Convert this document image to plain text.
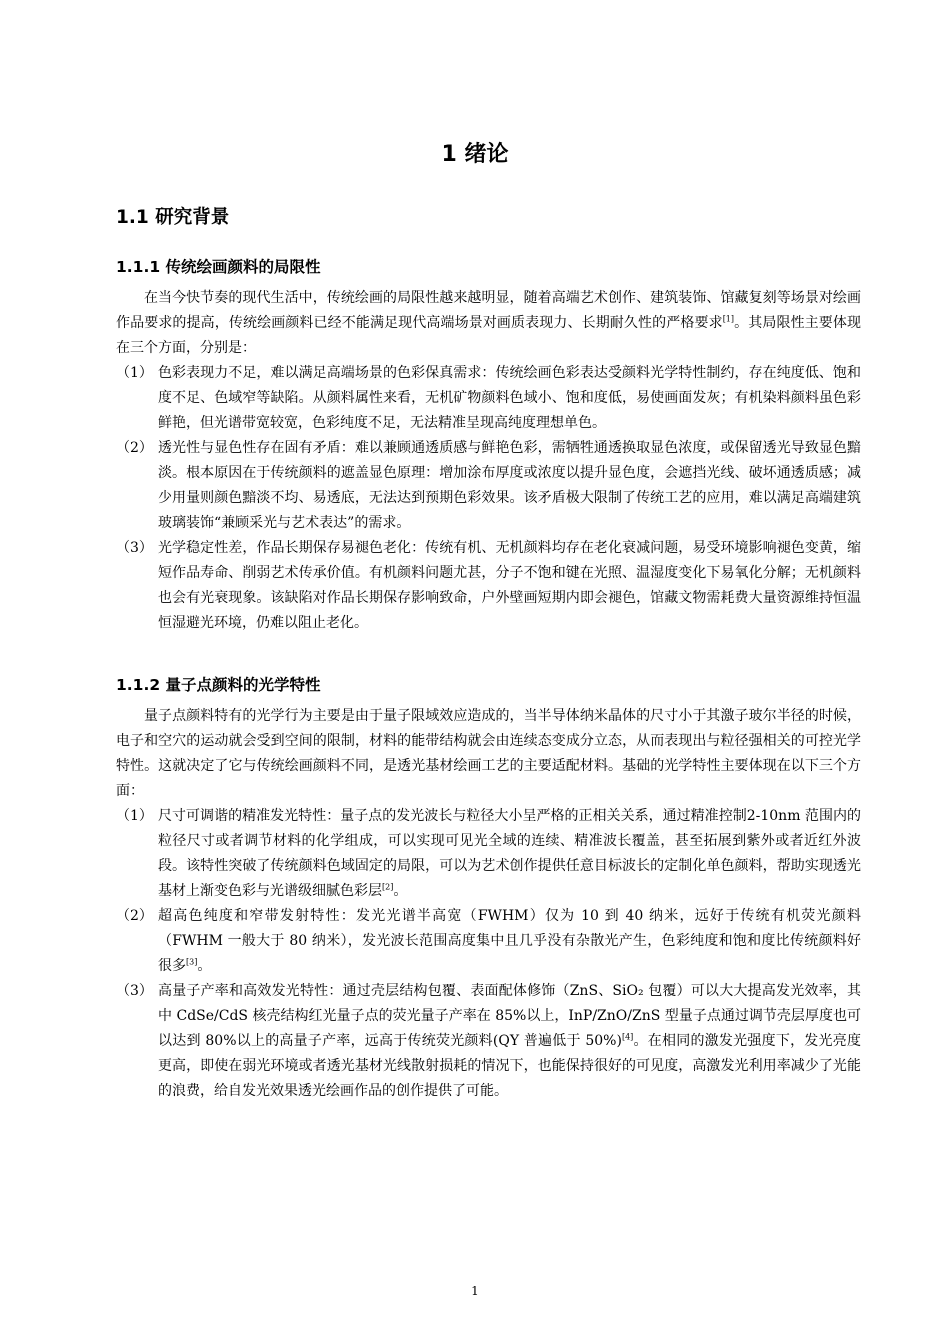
1 绪论
1.1 研究背景
1.1.1 传统绘画颜料的局限性

在当今快节奏的现代生活中，传统绘画的局限性越来越明显，随着高端艺术创作、建筑装饰、馆藏复刻等场景对绘画作品要求的提高，传统绘画颜料已经不能满足现代高端场景对画质表现力、长期耐久性的严格要求[1]。其局限性主要体现在三个方面，分别是：

（1） 色彩表现力不足，难以满足高端场景的色彩保真需求：传统绘画色彩表达受颜料光学特性制约，存在纯度低、饱和度不足、色域窄等缺陷。从颜料属性来看，无机矿物颜料色域小、饱和度低，易使画面发灰；有机染料颜料虽色彩鲜艳，但光谱带宽较宽，色彩纯度不足，无法精准呈现高纯度理想单色。

（2） 透光性与显色性存在固有矛盾：难以兼顾通透质感与鲜艳色彩，需牺牲通透换取显色浓度，或保留透光导致显色黯淡。根本原因在于传统颜料的遮盖显色原理：增加涂布厚度或浓度以提升显色度，会遮挡光线、破坏通透质感；减少用量则颜色黯淡不均、易透底，无法达到预期色彩效果。该矛盾极大限制了传统工艺的应用，难以满足高端建筑玻璃装饰“兼顾采光与艺术表达”的需求。

（3） 光学稳定性差，作品长期保存易褪色老化：传统有机、无机颜料均存在老化衰减问题，易受环境影响褪色变黄，缩短作品寿命、削弱艺术传承价值。有机颜料问题尤甚，分子不饱和键在光照、温湿度变化下易氧化分解；无机颜料也会有光衰现象。该缺陷对作品长期保存影响致命，户外壁画短期内即会褪色，馆藏文物需耗费大量资源维持恒温恒湿避光环境，仍难以阻止老化。

1.1.2 量子点颜料的光学特性

量子点颜料特有的光学行为主要是由于量子限域效应造成的，当半导体纳米晶体的尺寸小于其激子玻尔半径的时候，电子和空穴的运动就会受到空间的限制，材料的能带结构就会由连续态变成分立态，从而表现出与粒径强相关的可控光学特性。这就决定了它与传统绘画颜料不同，是透光基材绘画工艺的主要适配材料。基础的光学特性主要体现在以下三个方面：

（1） 尺寸可调谐的精准发光特性：量子点的发光波长与粒径大小呈严格的正相关关系，通过精准控制2-10nm 范围内的粒径尺寸或者调节材料的化学组成，可以实现可见光全域的连续、精准波长覆盖，甚至拓展到紫外或者近红外波段。该特性突破了传统颜料色域固定的局限，可以为艺术创作提供任意目标波长的定制化单色颜料，帮助实现透光基材上渐变色彩与光谱级细腻色彩层[2]。

（2） 超高色纯度和窄带发射特性：发光光谱半高宽（FWHM）仅为 10 到 40 纳米，远好于传统有机荧光颜料（FWHM 一般大于 80 纳米），发光波长范围高度集中且几乎没有杂散光产生，色彩纯度和饱和度比传统颜料好很多[3]。

（3） 高量子产率和高效发光特性：通过壳层结构包覆、表面配体修饰（ZnS、SiO₂ 包覆）可以大大提高发光效率，其中 CdSe/CdS 核壳结构红光量子点的荧光量子产率在 85%以上，InP/ZnO/ZnS 型量子点通过调节壳层厚度也可以达到 80%以上的高量子产率，远高于传统荧光颜料(QY 普遍低于 50%)[4]。在相同的激发光强度下，发光亮度更高，即使在弱光环境或者透光基材光线散射损耗的情况下，也能保持很好的可见度，高激发光利用率减少了光能的浪费，给自发光效果透光绘画作品的创作提供了可能。

1
